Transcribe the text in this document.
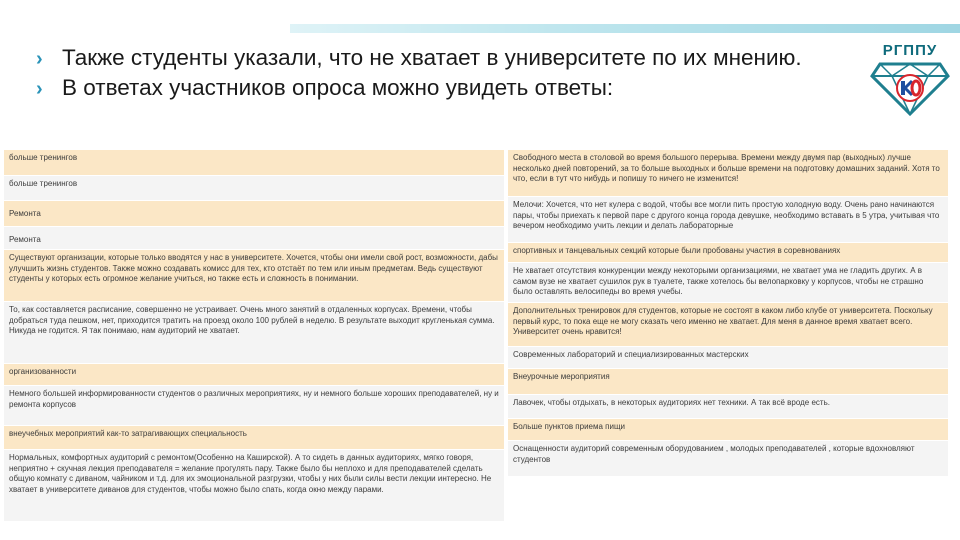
› Также студенты указали, что не хватает в университете по их мнению.
› В ответах участников опроса можно увидеть ответы:
РГППУ
больше тренингов
больше тренингов
Ремонта
Ремонта
Существуют организации, которые только вводятся у нас в университете. Хочется, чтобы они имели свой рост, возможности, дабы улучшить жизнь студентов. Также можно создавать комисс для тех, кто отстаёт по тем или иным предметам. Ведь существуют студенты у которых есть огромное желание учиться, но также есть и сложность в понимании.
То, как составляется расписание, совершенно не устраивает. Очень много занятий в отдаленных корпусах. Времени, чтобы добраться туда пешком, нет, приходится тратить на проезд около 100 рублей в неделю. В результате выходит кругленькая сумма. Никуда не годится. Я так понимаю, нам аудиторий не хватает.
организованности
Немного большей информированности студентов о различных мероприятиях, ну и немного больше хороших преподавателей, ну и ремонта корпусов
внеучебных мероприятий как-то затрагивающих специальность
Нормальных, комфортных аудиторий с ремонтом(Особенно на Каширской). А то сидеть в данных аудиториях, мягко говоря, неприятно + скучная лекция преподавателя = желание прогулять пару. Также было бы неплохо и для преподавателей сделать общую комнату с диваном, чайником и т.д. для их эмоциональной разгрузки, чтобы у них были силы вести лекции интересно. Не хватает в университете диванов для студентов, чтобы можно было спать, когда окно между парами.
Свободного места в столовой во время большого перерыва. Времени между двумя пар (выходных) лучше несколько дней повторений, за то больше выходных и больше времени на подготовку домашних заданий. Хотя то что, если в тут что нибудь и попишу то ничего не изменится!
Мелочи: Хочется, что нет кулера с водой, чтобы все могли пить простую холодную воду. Очень рано начинаются пары, чтобы приехать к первой паре с другого конца города девушке, необходимо вставать в 5 утра, учитывая что вечером необходимо учить лекции и делать лабораторные
спортивных и танцевальных секций которые были пробованы участия в соревнованиях
Не хватает отсутствия конкуренции между некоторыми организациями, не хватает ума не гладить других. А в самом вузе не хватает сушилок рук в туалете, также хотелось бы велопарковку у корпусов, чтобы не страшно было оставлять велосипеды во время учебы.
Дополнительных тренировок для студентов, которые не состоят в каком либо клубе от университета. Поскольку первый курс, то пока еще не могу сказать чего именно не хватает. Для меня в данное время хватает всего. Университет очень нравится!
Современных лабораторий и специализированных мастерских
Внеурочные мероприятия
Лавочек, чтобы отдыхать, в некоторых аудиториях нет техники. А так всё вроде есть.
Больше пунктов приема пищи
Оснащенности аудиторий современным оборудованием , молодых преподавателей , которые вдохновляют студентов
